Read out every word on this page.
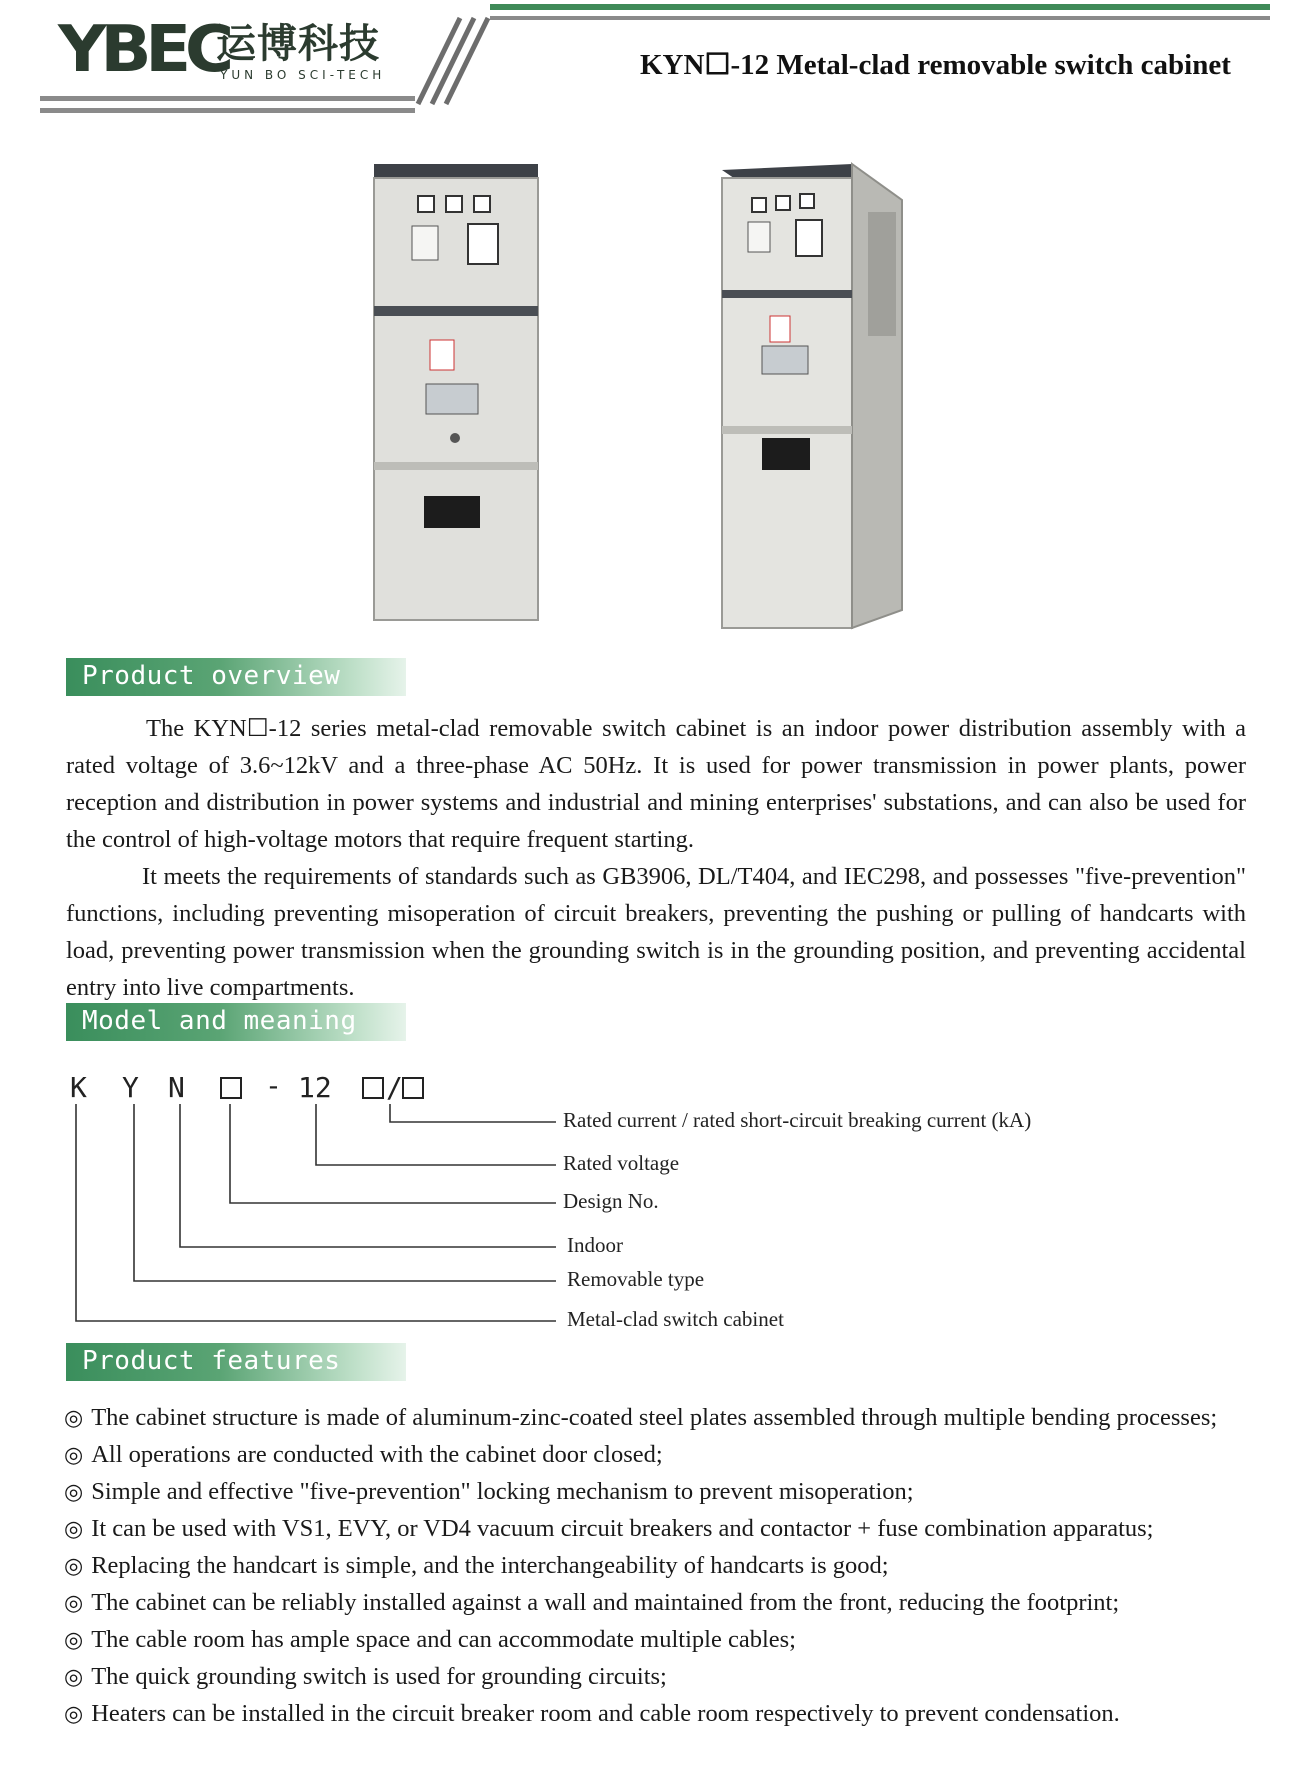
YBEC
运博科技
YUN BO SCI-TECH	KYN☐-12 Metal-clad removable switch cabinet
Product overview

The KYN☐-12 series metal-clad removable switch cabinet is an indoor power distribution assembly with a rated voltage of 3.6~12kV and a three-phase AC 50Hz. It is used for power transmission in power plants, power reception and distribution in power systems and industrial and mining enterprises' substations, and can also be used for the control of high-voltage motors that require frequent starting.

It meets the requirements of standards such as GB3906, DL/T404, and IEC298, and possesses "five-prevention" functions, including preventing misoperation of circuit breakers, preventing the pushing or pulling of handcarts with load, preventing power transmission when the grounding switch is in the grounding position, and preventing accidental entry into live compartments.

Model and meaning
K Y N	- 12 /
Rated current / rated short-circuit breaking current (kA)
Rated voltage
Design No.
Indoor
Removable type
Metal-clad switch cabinet
Product features
◎ The cabinet structure is made of aluminum-zinc-coated steel plates assembled through multiple bending processes;
◎ All operations are conducted with the cabinet door closed;
◎ Simple and effective "five-prevention" locking mechanism to prevent misoperation;
◎ It can be used with VS1, EVY, or VD4 vacuum circuit breakers and contactor + fuse combination apparatus;
◎ Replacing the handcart is simple, and the interchangeability of handcarts is good;
◎ The cabinet can be reliably installed against a wall and maintained from the front, reducing the footprint;
◎ The cable room has ample space and can accommodate multiple cables;
◎ The quick grounding switch is used for grounding circuits;
◎ Heaters can be installed in the circuit breaker room and cable room respectively to prevent condensation.
